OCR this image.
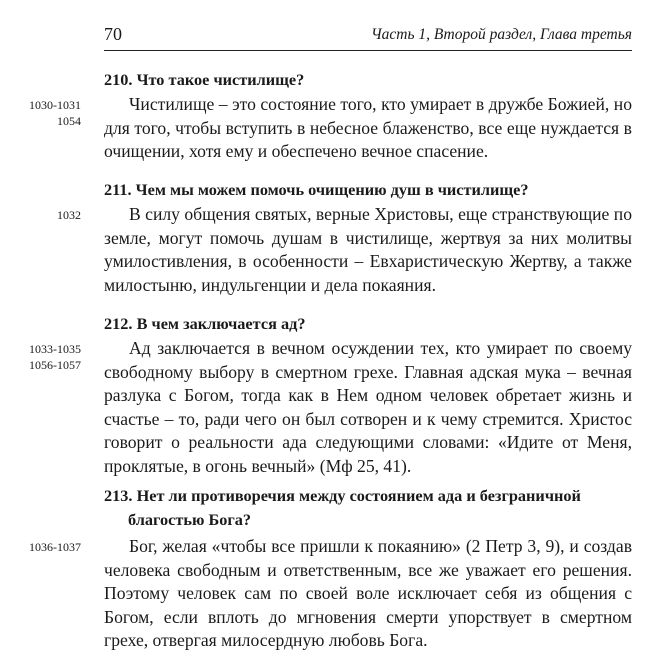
70	Часть 1, Второй раздел, Глава третья
210. Что такое чистилище?
1030-1031
1054
Чистилище – это состояние того, кто умирает в дружбе Божией, но для того, чтобы вступить в небесное блаженство, все еще нуждается в очищении, хотя ему и обеспечено вечное спасение.
211. Чем мы можем помочь очищению душ в чистилище?
1032	В силу общения святых, верные Христовы, еще странствующие по земле, могут помочь душам в чистилище, жертвуя за них молитвы умилостивления, в особенности – Евхаристическую Жертву, а также милостыню, индульгенции и дела покаяния.
212. В чем заключается ад?
1033-1035
1056-1057
Ад заключается в вечном осуждении тех, кто умирает по своему свободному выбору в смертном грехе. Главная адская мука – вечная разлука с Богом, тогда как в Нем одном человек обретает жизнь и счастье – то, ради чего он был сотворен и к чему стремится. Христос говорит о реальности ада следующими словами: «Идите от Меня, проклятые, в огонь вечный» (Мф 25, 41).
213. Нет ли противоречия между состоянием ада и безграничной благостью Бога?
1036-1037	Бог, желая «чтобы все пришли к покаянию» (2 Петр 3, 9), и создав человека свободным и ответственным, все же уважает его решения. Поэтому человек сам по своей воле исключает себя из общения с Богом, если вплоть до мгновения смерти упорствует в смертном грехе, отвергая милосердную любовь Бога.
